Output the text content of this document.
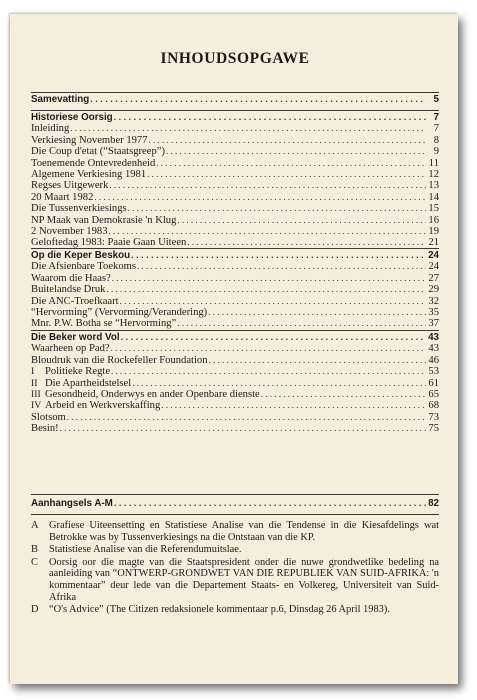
INHOUDSOPGAWE
Samevatting . . .	5
Historiese Oorsig . . .	7
Inleiding . . .	7
Verkiesing November 1977 . . .	8
Die Coup d'etat (“Staatsgreep”) . . .	9
Toenemende Ontevredenheid . . .	11
Algemene Verkiesing 1981 . . .	12
Regses Uitgewerk . . .	13
20 Maart 1982 . . .	14
Die Tussenverkiesings . . .	15
NP Maak van Demokrasie 'n Klug . . .	16
2 November 1983 . . .	19
Geloftedag 1983: Paaie Gaan Uiteen . . .	21
Op die Keper Beskou . . .	24
Die Afsienbare Toekoms . . .	24
Waarom die Haas? . . .	27
Buitelandse Druk . . .	29
Die ANC-Troefkaart . . .	32
“Hervorming” (Vervorming/Verandering) . . .	35
Mnr. P.W. Botha se “Hervorming” . . .	37
Die Beker word Vol . . .	43
Waarheen op Pad? . . .	43
Bloudruk van die Rockefeller Foundation . . .	46
I Politieke Regte . . .	53
II Die Apartheidstelsel . . .	61
III Gesondheid, Onderwys en ander Openbare dienste . . .	65
IV Arbeid en Werkverskaffing . . .	68
Slotsom . . .	73
Besin! . . .	75
Aanhangsels A-M . . .	82
A	Grafiese Uiteensetting en Statistiese Analise van die Tendense in die Kiesafdelings wat Betrokke was by Tussenverkiesings na die Ontstaan van die KP.
B	Statistiese Analise van die Referendumuitslae.
C	Oorsig oor die magte van die Staatspresident onder die nuwe grondwetlike bedeling na aanleiding van “ONTWERP-GRONDWET VAN DIE REPUBLIEK VAN SUID-AFRIKA: 'n kommentaar” deur lede van die Departement Staats- en Volkereg, Universiteit van Suid-Afrika
D	“O's Advice” (The Citizen redaksionele kommentaar p.6, Dinsdag 26 April 1983).
